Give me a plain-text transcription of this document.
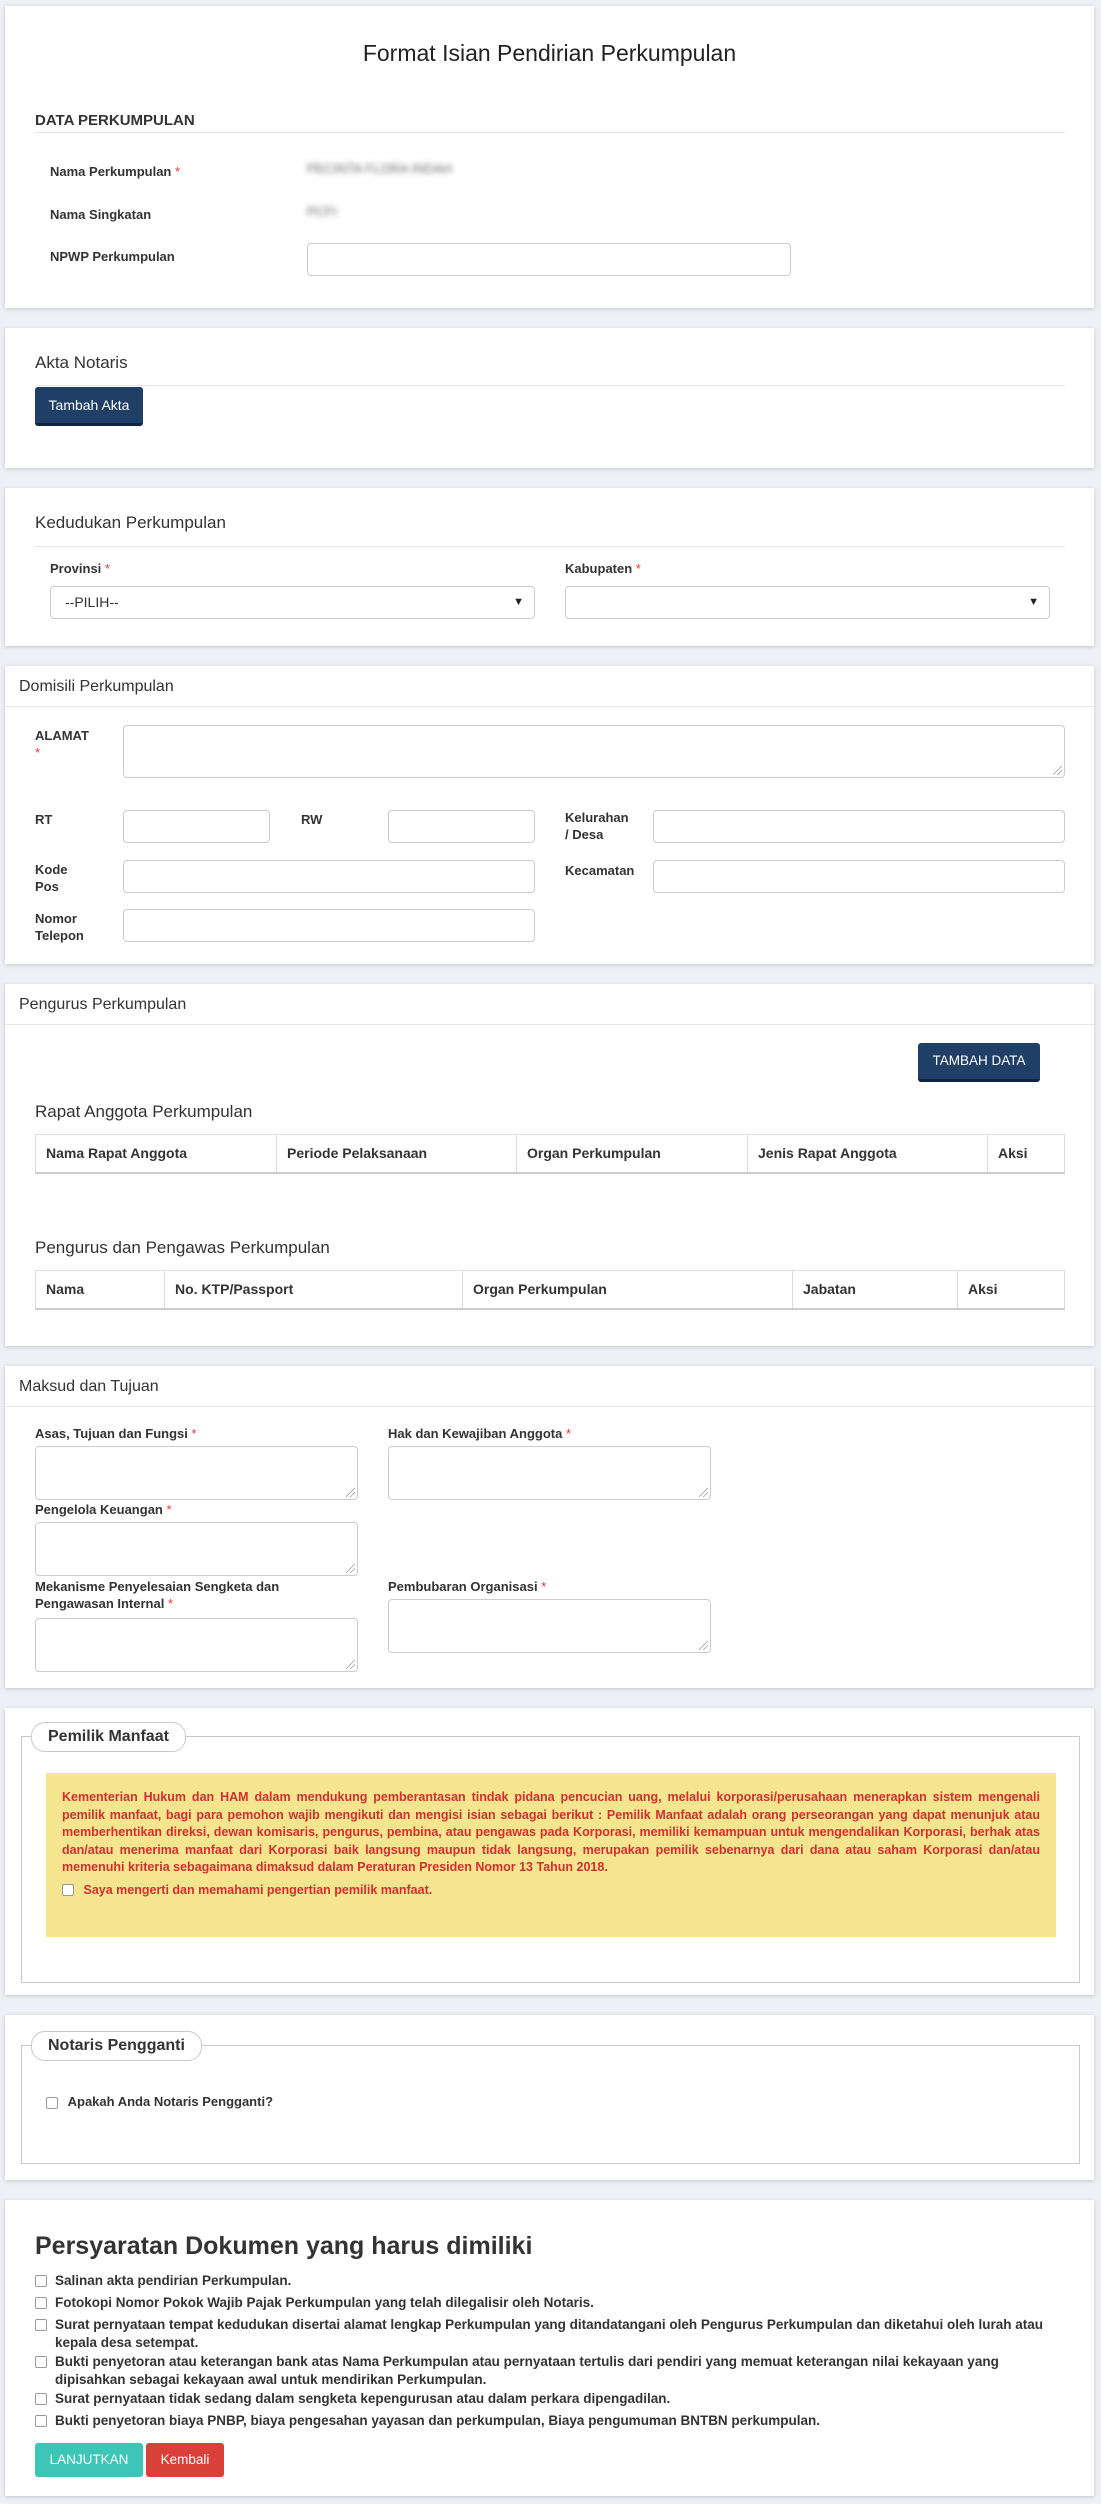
Format Isian Pendirian Perkumpulan
DATA PERKUMPULAN
Nama Perkumpulan *	PECINTA FLORA INDAH
Nama Singkatan	PCFI
NPWP Perkumpulan
Akta Notaris
Tambah Akta
Kedudukan Perkumpulan
Provinsi *
--PILIH--	▼
Kabupaten *
▼
Domisili Perkumpulan
ALAMAT
*
RT	RW	Kelurahan
/ Desa
Kode
Pos
Kecamatan
Nomor
Telepon
Pengurus Perkumpulan
TAMBAH DATA
Rapat Anggota Perkumpulan
Nama Rapat Anggota	Periode Pelaksanaan	Organ Perkumpulan	Jenis Rapat Anggota	Aksi
Pengurus dan Pengawas Perkumpulan
Nama	No. KTP/Passport	Organ Perkumpulan	Jabatan	Aksi
Maksud dan Tujuan
Asas, Tujuan dan Fungsi *	Hak dan Kewajiban Anggota *
Pengelola Keuangan *
Mekanisme Penyelesaian Sengketa dan
Pengawasan Internal *
Pembubaran Organisasi *
Pemilik Manfaat
Kementerian Hukum dan HAM dalam mendukung pemberantasan tindak pidana pencucian uang, melalui korporasi/perusahaan menerapkan sistem mengenali pemilik manfaat, bagi para pemohon wajib mengikuti dan mengisi isian sebagai berikut : Pemilik Manfaat adalah orang perseorangan yang dapat menunjuk atau memberhentikan direksi, dewan komisaris, pengurus, pembina, atau pengawas pada Korporasi, memiliki kemampuan untuk mengendalikan Korporasi, berhak atas dan/atau menerima manfaat dari Korporasi baik langsung maupun tidak langsung, merupakan pemilik sebenarnya dari dana atau saham Korporasi dan/atau memenuhi kriteria sebagaimana dimaksud dalam Peraturan Presiden Nomor 13 Tahun 2018.
Saya mengerti dan memahami pengertian pemilik manfaat.
Notaris Pengganti
Apakah Anda Notaris Pengganti?
Persyaratan Dokumen yang harus dimiliki
Salinan akta pendirian Perkumpulan.
Fotokopi Nomor Pokok Wajib Pajak Perkumpulan yang telah dilegalisir oleh Notaris.
Surat pernyataan tempat kedudukan disertai alamat lengkap Perkumpulan yang ditandatangani oleh Pengurus Perkumpulan dan diketahui oleh lurah atau kepala desa setempat.
Bukti penyetoran atau keterangan bank atas Nama Perkumpulan atau pernyataan tertulis dari pendiri yang memuat keterangan nilai kekayaan yang dipisahkan sebagai kekayaan awal untuk mendirikan Perkumpulan.
Surat pernyataan tidak sedang dalam sengketa kepengurusan atau dalam perkara dipengadilan.
Bukti penyetoran biaya PNBP, biaya pengesahan yayasan dan perkumpulan, Biaya pengumuman BNTBN perkumpulan.
LANJUTKAN	Kembali
